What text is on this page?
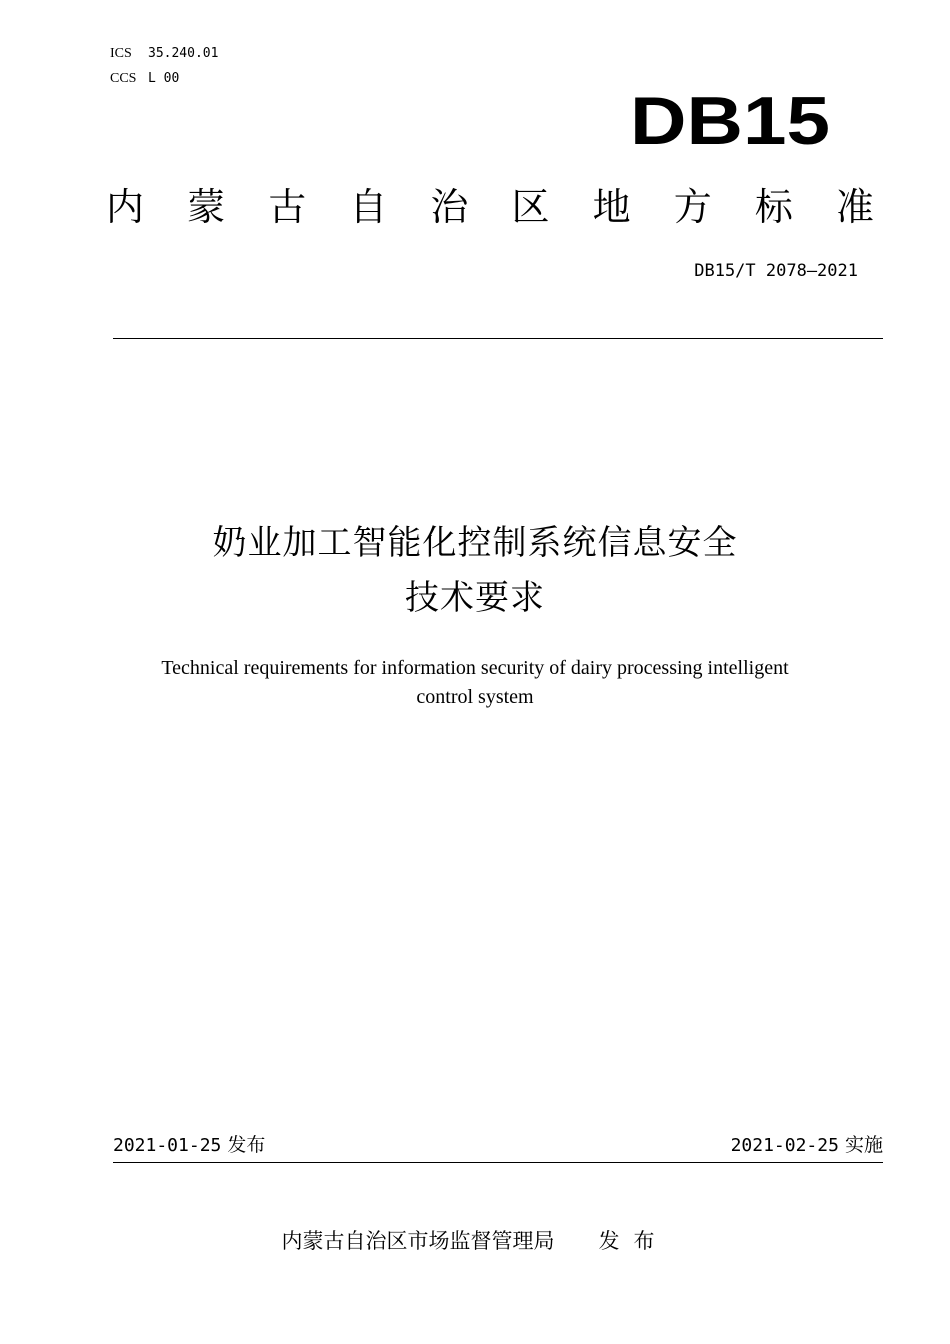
ICS 35.240.01
CCS L 00
DB15
内 蒙 古 自 治 区 地 方 标 准
DB15/T 2078—2021
奶业加工智能化控制系统信息安全
技术要求
Technical requirements for information security of dairy processing intelligent
control system
2021-01-25 发布	2021-02-25 实施
内蒙古自治区市场监督管理局 发布
